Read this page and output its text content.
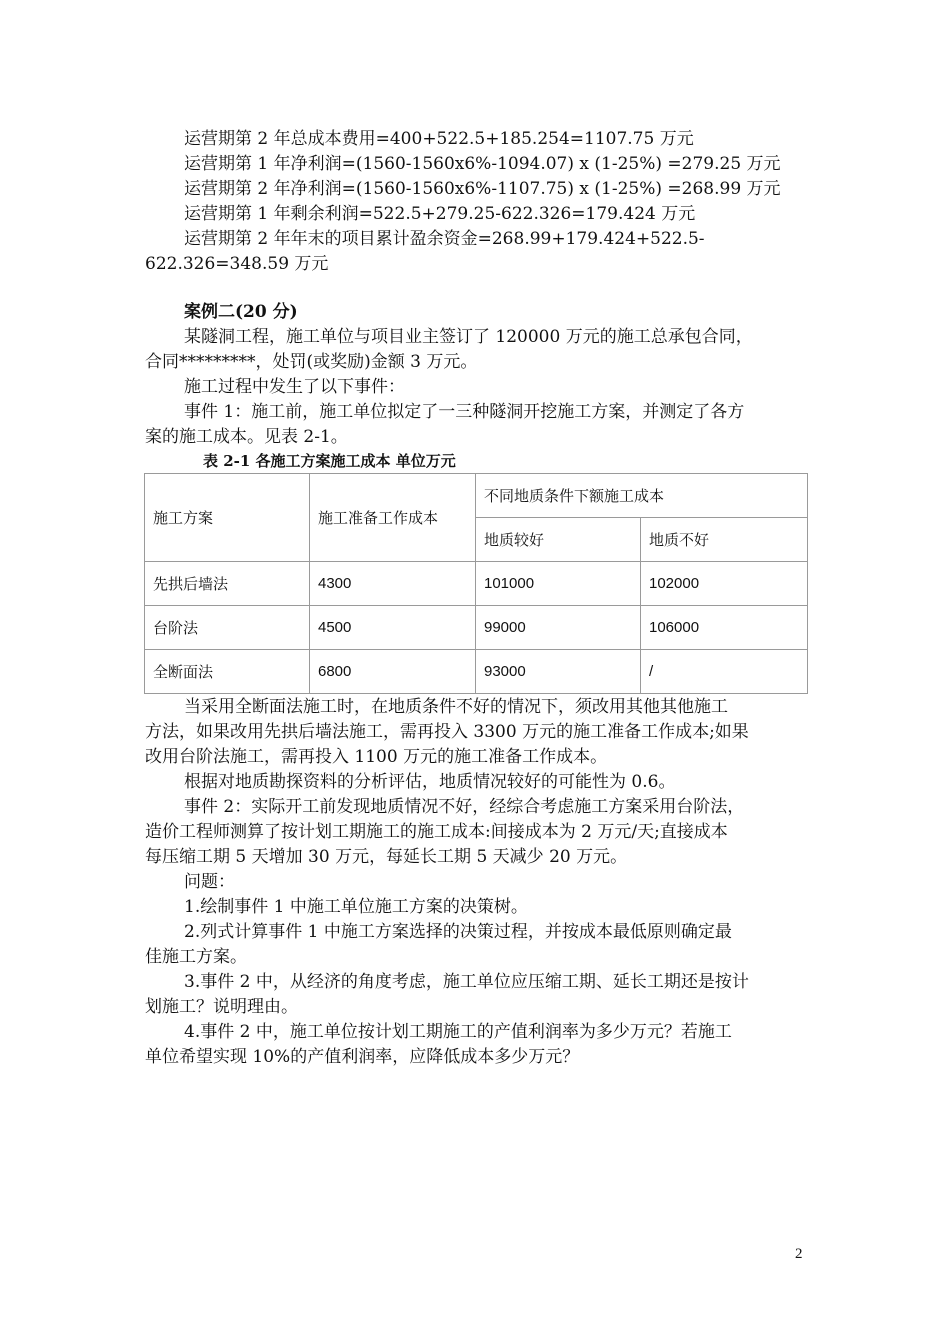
运营期第 2 年总成本费用=400+522.5+185.254=1107.75 万元
运营期第 1 年净利润=(1560-1560x6%-1094.07) x (1-25%) =279.25 万元
运营期第 2 年净利润=(1560-1560x6%-1107.75) x (1-25%) =268.99 万元
运营期第 1 年剩余利润=522.5+279.25-622.326=179.424 万元
运营期第 2 年年末的项目累计盈余资金=268.99+179.424+522.5-
622.326=348.59 万元
案例二(20 分)
某隧洞工程，施工单位与项目业主签订了 120000 万元的施工总承包合同，
合同*********，处罚(或奖励)金额 3 万元。
施工过程中发生了以下事件：
事件 1：施工前，施工单位拟定了一三种隧洞开挖施工方案，并测定了各方
案的施工成本。见表 2-1。
表 2-1 各施工方案施工成本 单位万元
施工方案	施工准备工作成本	不同地质条件下额施工成本	
		地质较好	地质不好
先拱后墙法	4300	101000	102000
台阶法	4500	99000	106000
全断面法	6800	93000	/
当采用全断面法施工时，在地质条件不好的情况下，须改用其他其他施工
方法，如果改用先拱后墙法施工，需再投入 3300 万元的施工准备工作成本;如果
改用台阶法施工，需再投入 1100 万元的施工准备工作成本。
根据对地质勘探资料的分析评估，地质情况较好的可能性为 0.6。
事件 2：实际开工前发现地质情况不好，经综合考虑施工方案采用台阶法，
造价工程师测算了按计划工期施工的施工成本:间接成本为 2 万元/天;直接成本
每压缩工期 5 天增加 30 万元，每延长工期 5 天减少 20 万元。
问题：
1.绘制事件 1 中施工单位施工方案的决策树。
2.列式计算事件 1 中施工方案选择的决策过程，并按成本最低原则确定最
佳施工方案。
3.事件 2 中，从经济的角度考虑，施工单位应压缩工期、延长工期还是按计
划施工？说明理由。
4.事件 2 中，施工单位按计划工期施工的产值利润率为多少万元？若施工
单位希望实现 10%的产值利润率，应降低成本多少万元？
2
